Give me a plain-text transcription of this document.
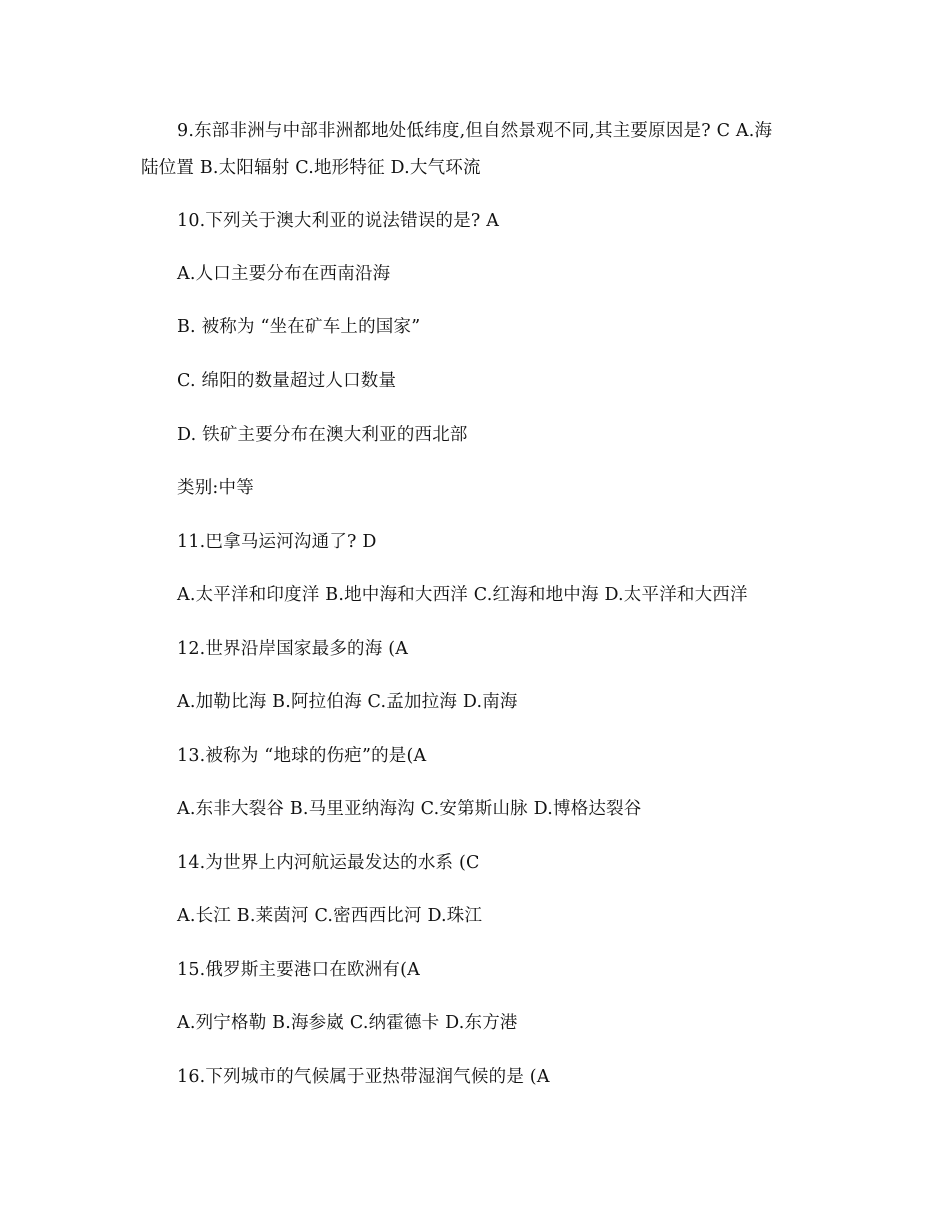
9.东部非洲与中部非洲都地处低纬度,但自然景观不同,其主要原因是? C A.海
陆位置 B.太阳辐射 C.地形特征 D.大气环流
10.下列关于澳大利亚的说法错误的是? A
A.人口主要分布在西南沿海
B. 被称为 “坐在矿车上的国家”
C. 绵阳的数量超过人口数量
D. 铁矿主要分布在澳大利亚的西北部
类别:中等
11.巴拿马运河沟通了? D
A.太平洋和印度洋 B.地中海和大西洋 C.红海和地中海 D.太平洋和大西洋
12.世界沿岸国家最多的海 (A
A.加勒比海 B.阿拉伯海 C.孟加拉海 D.南海
13.被称为 “地球的伤疤”的是(A
A.东非大裂谷 B.马里亚纳海沟 C.安第斯山脉 D.博格达裂谷
14.为世界上内河航运最发达的水系 (C
A.长江 B.莱茵河 C.密西西比河 D.珠江
15.俄罗斯主要港口在欧洲有(A
A.列宁格勒 B.海参崴 C.纳霍德卡 D.东方港
16.下列城市的气候属于亚热带湿润气候的是 (A
